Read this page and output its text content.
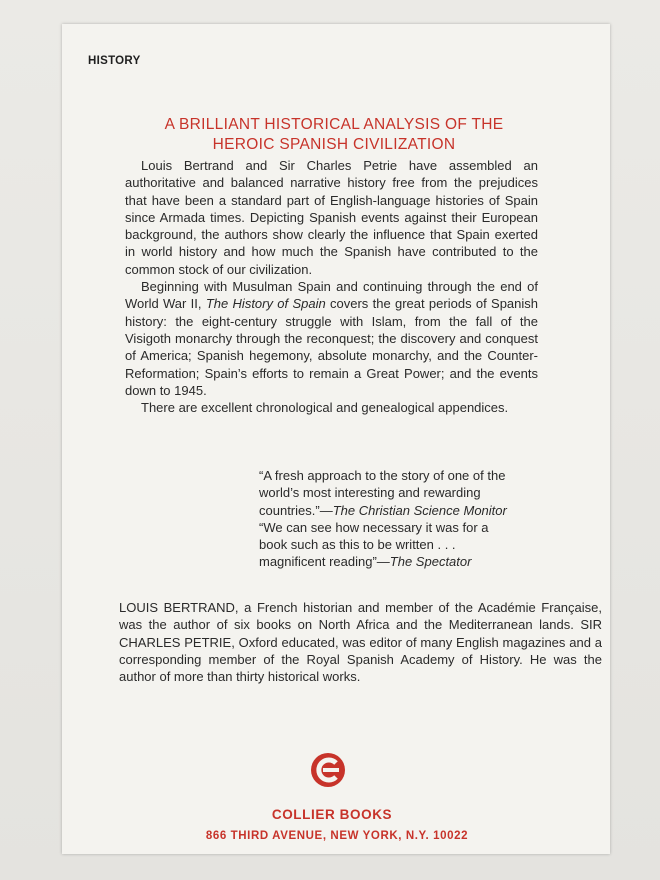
HISTORY
A BRILLIANT HISTORICAL ANALYSIS OF THE
HEROIC SPANISH CIVILIZATION

Louis Bertrand and Sir Charles Petrie have assembled an authoritative and balanced narrative history free from the prejudices that have been a standard part of English-language histories of Spain since Armada times. Depicting Spanish events against their European background, the authors show clearly the influence that Spain exerted in world history and how much the Spanish have contributed to the common stock of our civilization.

Beginning with Musulman Spain and continuing through the end of World War II, The History of Spain covers the great periods of Spanish history: the eight-century struggle with Islam, from the fall of the Visigoth monarchy through the reconquest; the discovery and conquest of America; Spanish hegemony, absolute monarchy, and the Counter-Reformation; Spain’s efforts to remain a Great Power; and the events down to 1945.

There are excellent chronological and genealogical appendices.

“A fresh approach to the story of one of the world’s most interesting and rewarding countries.”—The Christian Science Monitor

“We can see how necessary it was for a book such as this to be written . . . magnificent reading”—The Spectator

LOUIS BERTRAND, a French historian and member of the Académie Française, was the author of six books on North Africa and the Mediterranean lands. SIR CHARLES PETRIE, Oxford educated, was editor of many English magazines and a corresponding member of the Royal Spanish Academy of History. He was the author of more than thirty historical works.
COLLIER BOOKS
866 THIRD AVENUE, NEW YORK, N.Y. 10022
